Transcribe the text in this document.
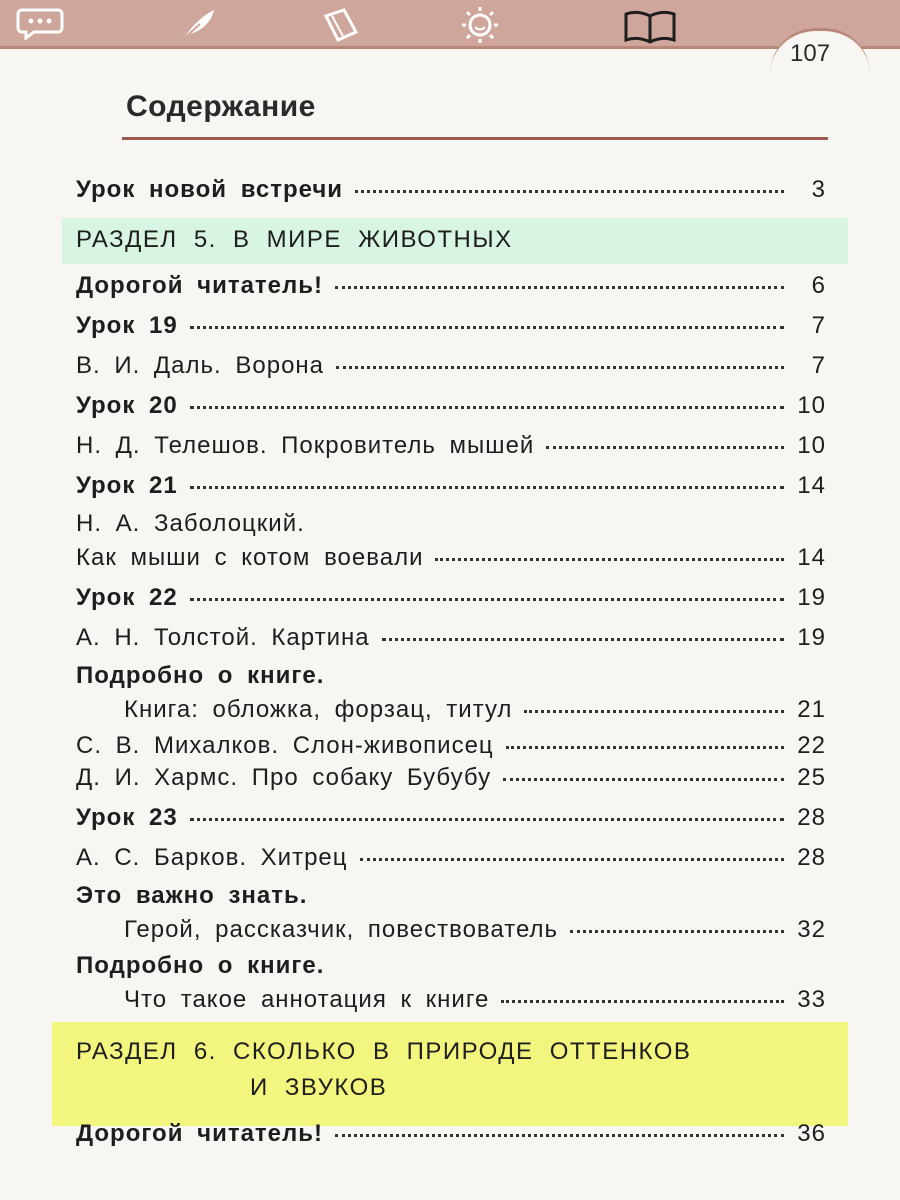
107
Содержание
Урок новой встречи	3
РАЗДЕЛ 5. В МИРЕ ЖИВОТНЫХ
Дорогой читатель!	6
Урок 19	7
В. И. Даль. Ворона	7
Урок 20	10
Н. Д. Телешов. Покровитель мышей	10
Урок 21	14
Н. А. Заболоцкий.
Как мыши с котом воевали	14
Урок 22	19
А. Н. Толстой. Картина	19
Подробно о книге.
Книга: обложка, форзац, титул	21
С. В. Михалков. Слон-живописец	22
Д. И. Хармс. Про собаку Бубубу	25
Урок 23	28
А. С. Барков. Хитрец	28
Это важно знать.
Герой, рассказчик, повествователь	32
Подробно о книге.
Что такое аннотация к книге	33
РАЗДЕЛ 6. СКОЛЬКО В ПРИРОДЕ ОТТЕНКОВ
И ЗВУКОВ
Дорогой читатель!	36
